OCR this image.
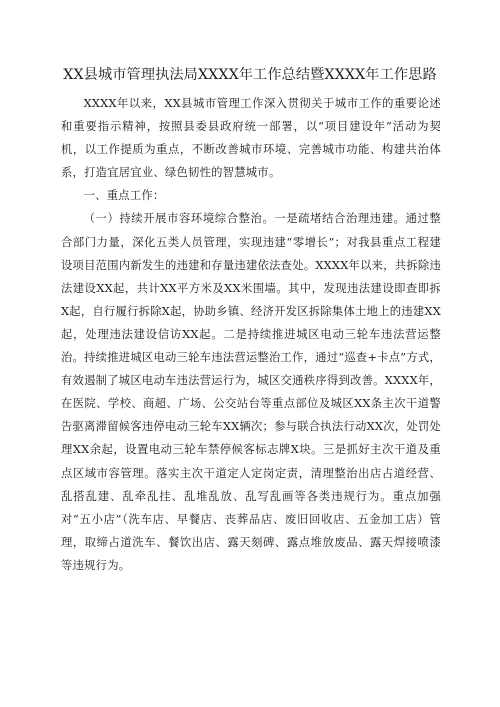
XX县城市管理执法局XXXX年工作总结暨XXXX年工作思路

XXXX年以来，XX县城市管理工作深入贯彻关于城市工作的重要论述和重要指示精神，按照县委县政府统一部署，以“项目建设年”活动为契机，以工作提质为重点，不断改善城市环境、完善城市功能、构建共治体系，打造宜居宜业、绿色韧性的智慧城市。

一、重点工作：

（一）持续开展市容环境综合整治。一是疏堵结合治理违建。通过整合部门力量，深化五类人员管理，实现违建“零增长”；对我县重点工程建设项目范围内新发生的违建和存量违建依法查处。XXXX年以来，共拆除违法建设XX起，共计XX平方米及XX米围墙。其中，发现违法建设即查即拆X起，自行履行拆除X起，协助乡镇、经济开发区拆除集体土地上的违建XX起，处理违法建设信访XX起。二是持续推进城区电动三轮车违法营运整治。持续推进城区电动三轮车违法营运整治工作，通过“巡查+卡点”方式，有效遏制了城区电动车违法营运行为，城区交通秩序得到改善。XXXX年，在医院、学校、商超、广场、公交站台等重点部位及城区XX条主次干道警告驱离滞留候客违停电动三轮车XX辆次；参与联合执法行动XX次，处罚处理XX余起，设置电动三轮车禁停候客标志牌X块。三是抓好主次干道及重点区域市容管理。落实主次干道定人定岗定责，清理整治出店占道经营、乱搭乱建、乱牵乱挂、乱堆乱放、乱写乱画等各类违规行为。重点加强对“五小店”（洗车店、早餐店、丧葬品店、废旧回收店、五金加工店）管理，取缔占道洗车、餐饮出店、露天刻碑、露点堆放废品、露天焊接喷漆等违规行为。
